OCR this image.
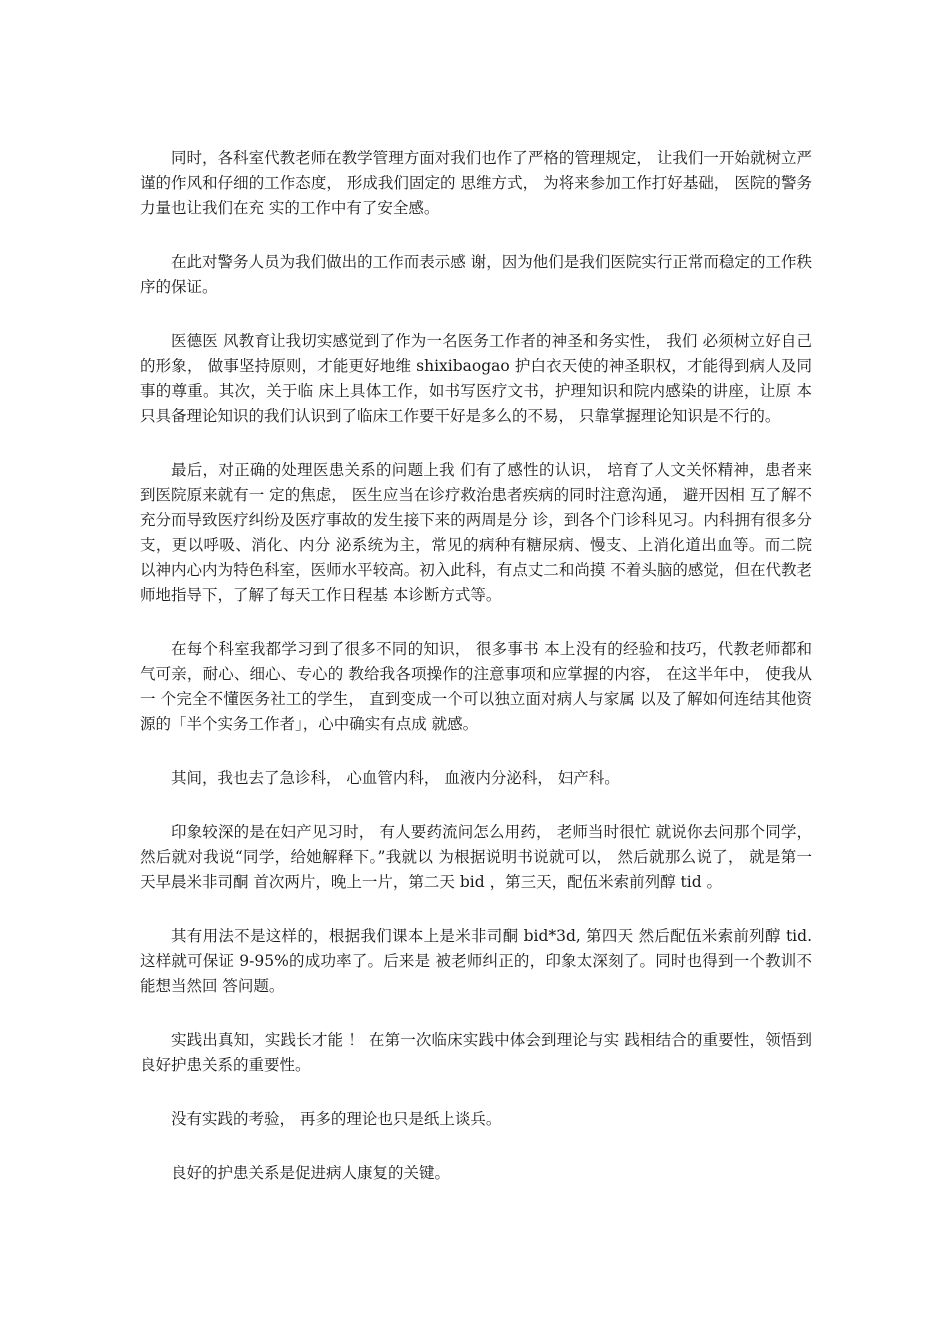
同时，各科室代教老师在教学管理方面对我们也作了严格的管理规定， 让我们一开始就树立严谨的作风和仔细的工作态度， 形成我们固定的 思维方式， 为将来参加工作打好基础， 医院的警务力量也让我们在充 实的工作中有了安全感。

在此对警务人员为我们做出的工作而表示感 谢，因为他们是我们医院实行正常而稳定的工作秩序的保证。

医德医 风教育让我切实感觉到了作为一名医务工作者的神圣和务实性， 我们 必须树立好自己的形象， 做事坚持原则，才能更好地维 shixibaogao 护白衣天使的神圣职权，才能得到病人及同事的尊重。其次，关于临 床上具体工作，如书写医疗文书，护理知识和院内感染的讲座，让原 本只具备理论知识的我们认识到了临床工作要干好是多么的不易， 只靠掌握理论知识是不行的。

最后，对正确的处理医患关系的问题上我 们有了感性的认识， 培育了人文关怀精神，患者来到医院原来就有一 定的焦虑， 医生应当在诊疗救治患者疾病的同时注意沟通， 避开因相 互了解不充分而导致医疗纠纷及医疗事故的发生接下来的两周是分 诊，到各个门诊科见习。内科拥有很多分支，更以呼吸、消化、内分 泌系统为主，常见的病种有糖尿病、慢支、上消化道出血等。而二院 以神内心内为特色科室，医师水平较高。初入此科，有点丈二和尚摸 不着头脑的感觉，但在代教老师地指导下，了解了每天工作日程基 本诊断方式等。

在每个科室我都学习到了很多不同的知识， 很多事书 本上没有的经验和技巧，代教老师都和气可亲，耐心、细心、专心的 教给我各项操作的注意事项和应掌握的内容， 在这半年中， 使我从一 个完全不懂医务社工的学生， 直到变成一个可以独立面对病人与家属 以及了解如何连结其他资源的「半个实务工作者」，心中确实有点成 就感。

其间，我也去了急诊科， 心血管内科， 血液内分泌科， 妇产科。

印象较深的是在妇产见习时， 有人要药流问怎么用药， 老师当时很忙 就说你去问那个同学，然后就对我说“同学，给她解释下。”我就以 为根据说明书说就可以， 然后就那么说了， 就是第一天早晨米非司酮 首次两片，晚上一片，第二天 bid ，第三天，配伍米索前列醇 tid 。

其有用法不是这样的，根据我们课本上是米非司酮 bid*3d, 第四天 然后配伍米索前列醇 tid. 这样就可保证 9-95%的成功率了。后来是 被老师纠正的，印象太深刻了。同时也得到一个教训不能想当然回 答问题。

实践出真知，实践长才能 ！ 在第一次临床实践中体会到理论与实 践相结合的重要性，领悟到良好护患关系的重要性。

没有实践的考验， 再多的理论也只是纸上谈兵。

良好的护患关系是促进病人康复的关键。
